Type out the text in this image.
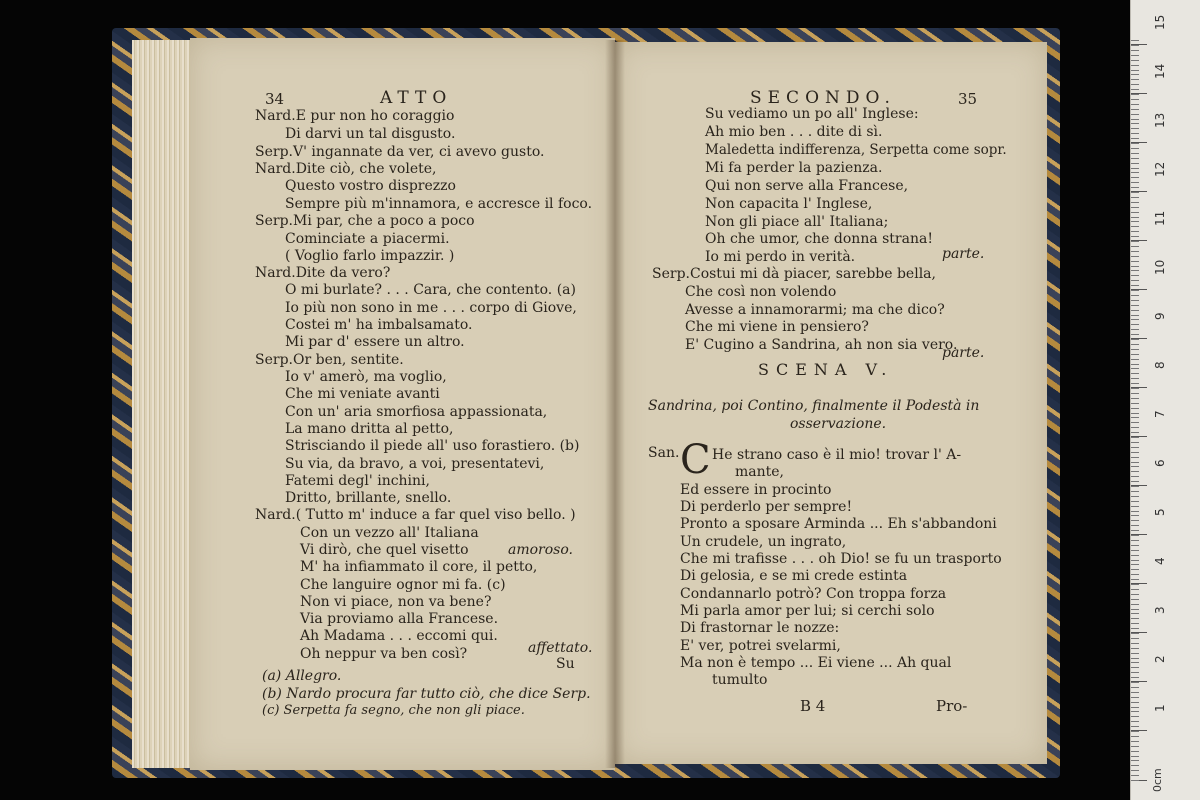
34	ATTO
Nard.E pur non ho coraggio
Di darvi un tal disgusto.
Serp.V' ingannate da ver, ci avevo gusto.
Nard.Dite ciò, che volete,
Questo vostro disprezzo
Sempre più m'innamora, e accresce il foco.
Serp.Mi par, che a poco a poco
Cominciate a piacermi.
( Voglio farlo impazzir. )
Nard.Dite da vero?
O mi burlate? . . . Cara, che contento. (a)
Io più non sono in me . . . corpo di Giove,
Costei m' ha imbalsamato.
Mi par d' essere un altro.
Serp.Or ben, sentite.
Io v' amerò, ma voglio,
Che mi veniate avanti
Con un' aria smorfiosa appassionata,
La mano dritta al petto,
Strisciando il piede all' uso forastiero. (b)
Su via, da bravo, a voi, presentatevi,
Fatemi degl' inchini,
Dritto, brillante, snello.
Nard.( Tutto m' induce a far quel viso bello. )
Con un vezzo all' Italiana
Vi dirò, che quel visetto
M' ha infiammato il core, il petto,
Che languire ognor mi fa. (c)
Non vi piace, non va bene?
Via proviamo alla Francese.
Ah Madama . . . eccomi qui.
Oh neppur va ben così?
amoroso.
affettato.
Su
(a) Allegro.
(b) Nardo procura far tutto ciò, che dice Serp.
(c) Serpetta fa segno, che non gli piace.
SECONDO.	35
Su vediamo un po all' Inglese:
Ah mio ben . . . dite di sì.
Maledetta indifferenza, Serpetta come sopr.
Mi fa perder la pazienza.
Qui non serve alla Francese,
Non capacita l' Inglese,
Non gli piace all' Italiana;
Oh che umor, che donna strana!
Io mi perdo in verità.	parte.
Serp.Costui mi dà piacer, sarebbe bella,
Che così non volendo
Avesse a innamorarmi; ma che dico?
Che mi viene in pensiero?
E' Cugino a Sandrina, ah non sia vero.
parte.
SCENA V.
Sandrina, poi Contino, finalmente il Podestà in
osservazione.
San. C He strano caso è il mio! trovar l' A-
mante,
Ed essere in procinto
Di perderlo per sempre!
Pronto a sposare Arminda ... Eh s'abbandoni
Un crudele, un ingrato,
Che mi trafisse . . . oh Dio! se fu un trasporto
Di gelosia, e se mi crede estinta
Condannarlo potrò? Con troppa forza
Mi parla amor per lui; si cerchi solo
Di frastornar le nozze:
E' ver, potrei svelarmi,
Ma non è tempo ... Ei viene ... Ah qual
tumulto
B 4	Pro-	1
2
3
4
5
6
7
8
9
10
11
12
13
14
15
0cm
